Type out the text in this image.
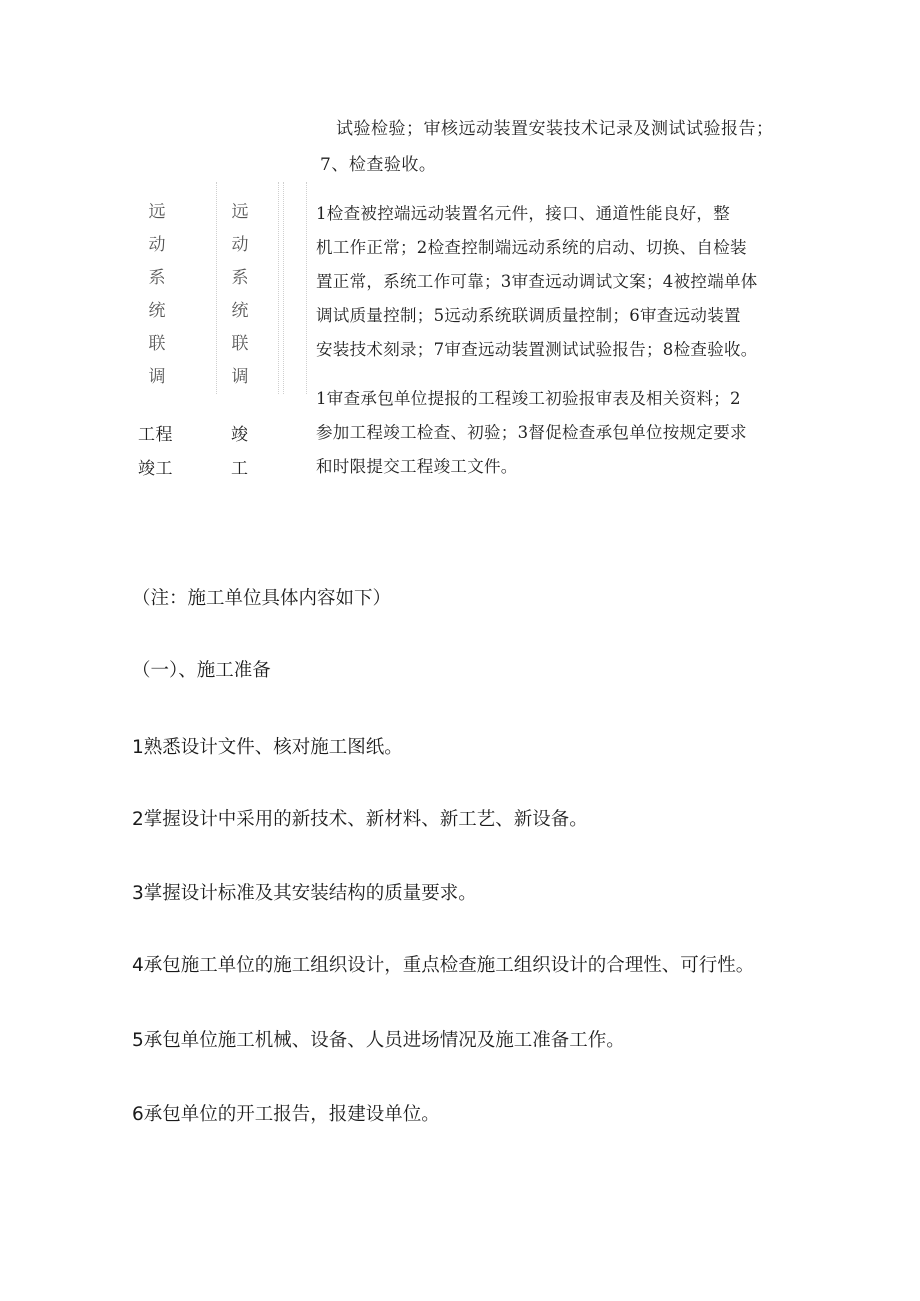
试验检验；审核远动装置安装技术记录及测试试验报告；
7、检查验收。
远
动
系
统
联
调
远
动
系
统
联
调
1检查被控端远动装置名元件，接口、通道性能良好，整
机工作正常；2检查控制端远动系统的启动、切换、自检装
置正常，系统工作可靠；3审查远动调试文案；4被控端单体
调试质量控制；5远动系统联调质量控制；6审查远动装置
安装技术刻录；7审查远动装置测试试验报告；8检查验收。
工程
竣工
竣
工
1审查承包单位提报的工程竣工初验报审表及相关资料；2
参加工程竣工检查、初验；3督促检查承包单位按规定要求
和时限提交工程竣工文件。
（注：施工单位具体内容如下）
（一）、施工准备
1熟悉设计文件、核对施工图纸。
2掌握设计中采用的新技术、新材料、新工艺、新设备。
3掌握设计标准及其安装结构的质量要求。
4承包施工单位的施工组织设计，重点检查施工组织设计的合理性、可行性。
5承包单位施工机械、设备、人员进场情况及施工准备工作。
6承包单位的开工报告，报建设单位。
